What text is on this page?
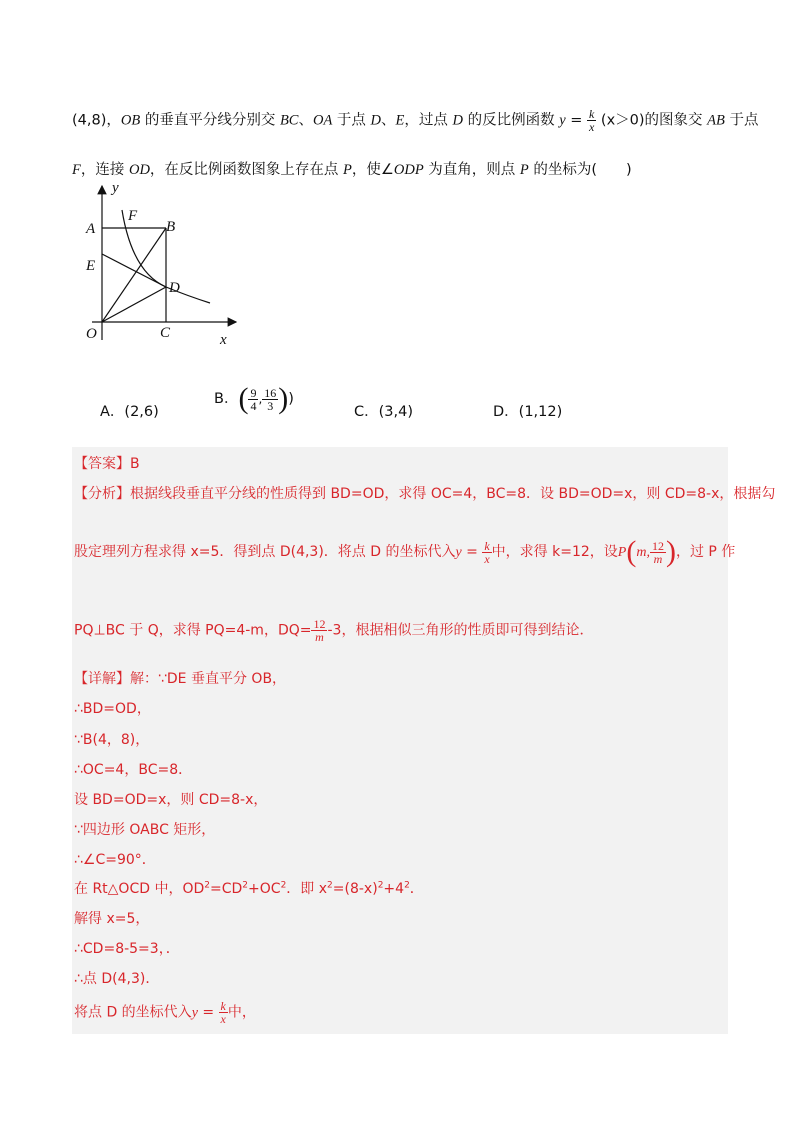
(4,8)，OB 的垂直平分线分别交 BC、OA 于点 D、E，过点 D 的反比例函数 $y = \frac{k}{x} (x>0)$的图象交 AB 于点
F，连接 OD，在反比例函数图象上存在点 P，使∠ODP 为直角，则点 P 的坐标为(　　)
y
x
A	B
C
D
E
F
O
A．(2,6)
B．( $\frac{9}{4}$ , $\frac{16}{3}$ ))
C．(3,4)	D．(1,12)
【答案】B
【分析】根据线段垂直平分线的性质得到 BD=OD，求得 OC=4，BC=8．设 BD=OD=x，则 CD=8-x，根据勾
股定理列方程求得 x=5．得到点 D(4,3)．将点 D 的坐标代入$y = \frac{k}{x}$ 中，求得 k=12，设P(m, $\frac{12}{m}$ )，过 P 作
PQ⊥BC 于 Q，求得 PQ=4-m，$DQ= \frac{12}{m} -3$，根据相似三角形的性质即可得到结论．
【详解】解：∵DE 垂直平分 OB，
∴BD=OD，
∵B(4，8)，
∴OC=4，BC=8．
设 BD=OD=x，则 CD=8-x，
∵四边形 OABC 矩形，
∴∠C=90°．
在 Rt△OCD 中，$OD^2=CD^2+OC^2$．即 $x^2=(8-x)^2+4^2$．
解得 x=5，
∴CD=8-5=3，．
∴点 D(4,3)．
将点 D 的坐标代入$y = \frac{k}{x}$ 中，
